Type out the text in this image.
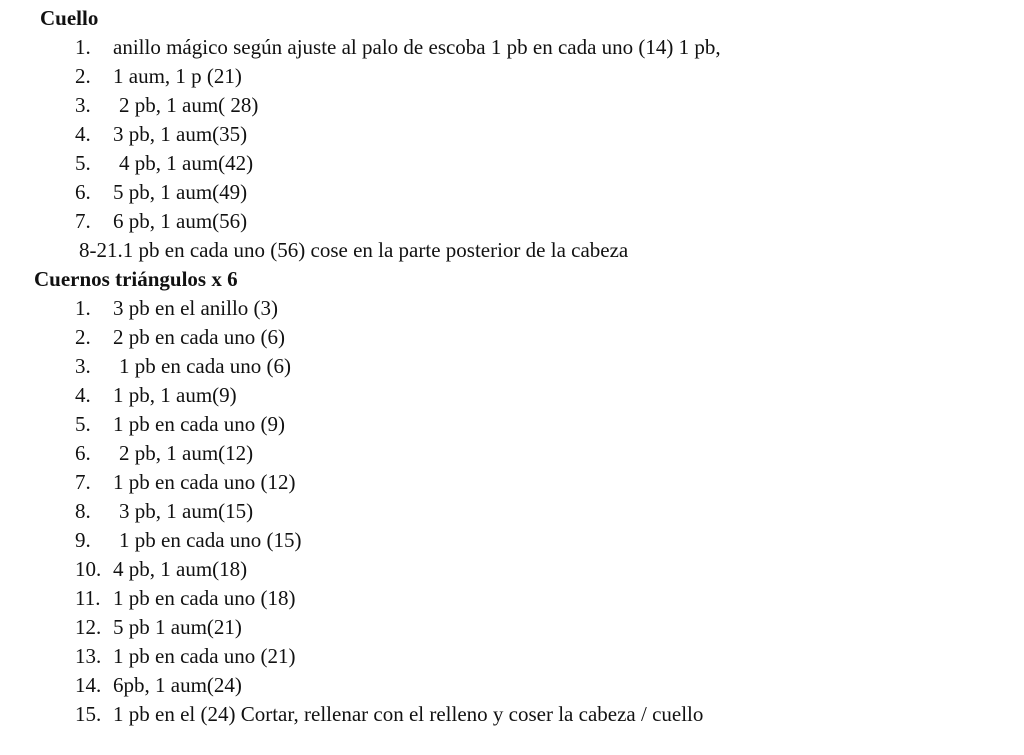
Cuello
1. anillo mágico según ajuste al palo de escoba 1 pb en cada uno (14) 1 pb,
2. 1 aum, 1 p (21)
3. 2 pb, 1 aum( 28)
4. 3 pb, 1 aum(35)
5. 4 pb, 1 aum(42)
6. 5 pb, 1 aum(49)
7. 6 pb, 1 aum(56)
8-21.1 pb en cada uno (56) cose en la parte posterior de la cabeza
Cuernos triángulos x 6
1. 3 pb en el anillo (3)
2. 2 pb en cada uno (6)
3. 1 pb en cada uno (6)
4. 1 pb, 1 aum(9)
5. 1 pb en cada uno (9)
6. 2 pb, 1 aum(12)
7. 1 pb en cada uno (12)
8. 3 pb, 1 aum(15)
9. 1 pb en cada uno (15)
10. 4 pb, 1 aum(18)
11. 1 pb en cada uno (18)
12. 5 pb 1 aum(21)
13. 1 pb en cada uno (21)
14. 6pb, 1 aum(24)
15. 1 pb en el (24) Cortar, rellenar con el relleno y coser la cabeza / cuello
